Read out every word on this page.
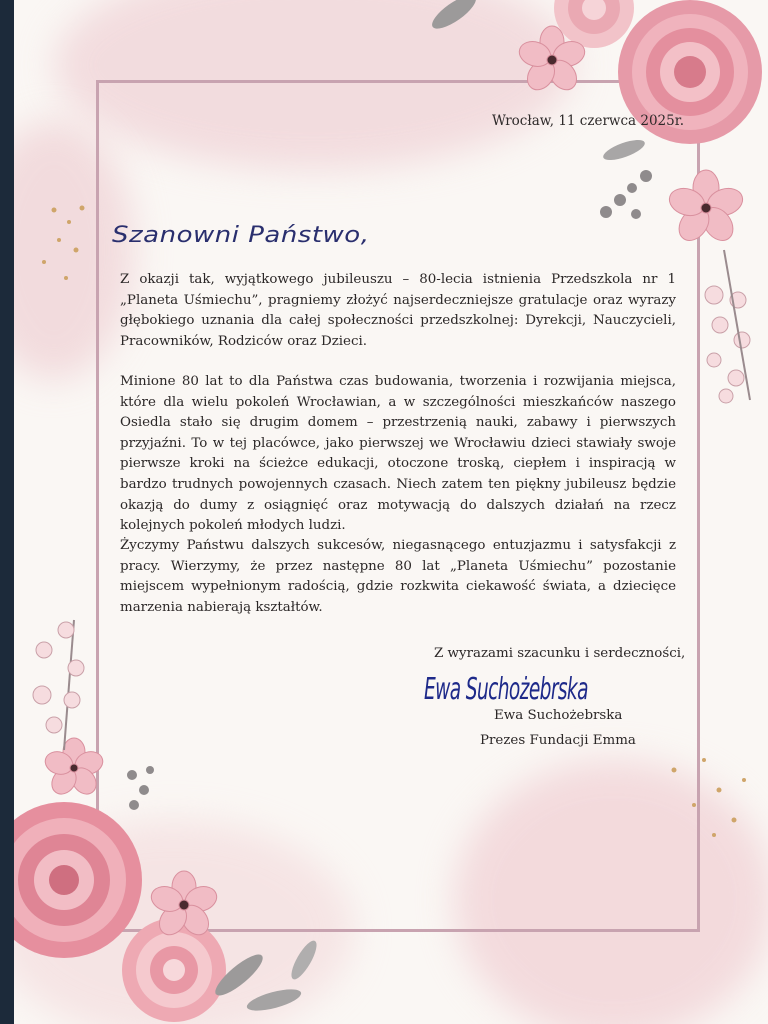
Wrocław, 11 czerwca 2025r.
Szanowni Państwo,

Z okazji tak, wyjątkowego jubileuszu – 80-lecia istnienia Przedszkola nr 1 „Planeta Uśmiechu”, pragniemy złożyć najserdeczniejsze gratulacje oraz wyrazy głębokiego uznania dla całej społeczności przedszkolnej: Dyrekcji, Nauczycieli, Pracowników, Rodziców oraz Dzieci.

Minione 80 lat to dla Państwa czas budowania, tworzenia i rozwijania miejsca, które dla wielu pokoleń Wrocławian, a w szczególności mieszkańców naszego Osiedla stało się drugim domem – przestrzenią nauki, zabawy i pierwszych przyjaźni. To w tej placówce, jako pierwszej we Wrocławiu dzieci stawiały swoje pierwsze kroki na ścieżce edukacji, otoczone troską, ciepłem i inspiracją w bardzo trudnych powojennych czasach. Niech zatem ten piękny jubileusz będzie okazją do dumy z osiągnięć oraz motywacją do dalszych działań na rzecz kolejnych pokoleń młodych ludzi.

Życzymy Państwu dalszych sukcesów, niegasnącego entuzjazmu i satysfakcji z pracy. Wierzymy, że przez następne 80 lat „Planeta Uśmiechu” pozostanie miejscem wypełnionym radością, gdzie rozkwita ciekawość świata, a dziecięce marzenia nabierają kształtów.

Z wyrazami szacunku i serdeczności,
Ewa Suchożebrska
Ewa Suchożebrska
Prezes Fundacji Emma
